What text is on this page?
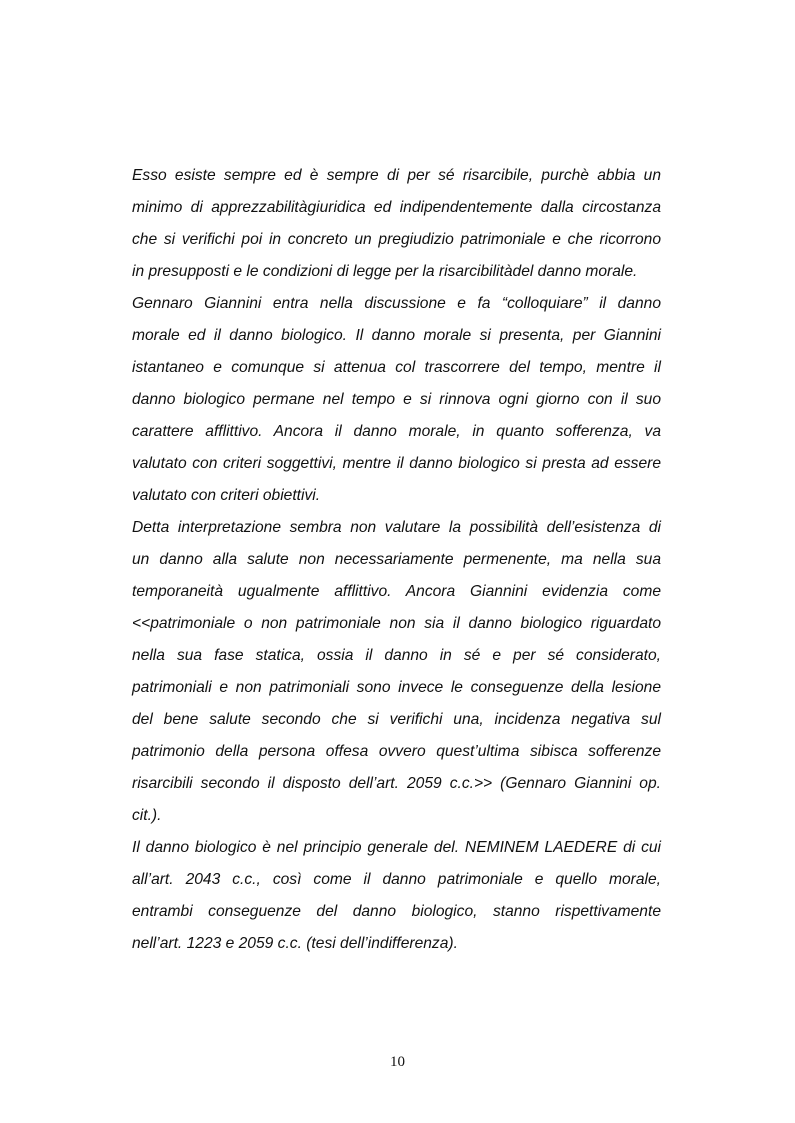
Esso esiste sempre ed è sempre di per sé risarcibile, purchè abbia un
minimo di apprezzabilitàgiuridica ed indipendentemente dalla circostanza
che si verifichi poi in concreto un pregiudizio patrimoniale e che ricorrono
in presupposti e le condizioni di legge per la risarcibilitàdel danno morale.
Gennaro Giannini entra nella discussione e fa “colloquiare” il danno
morale ed il danno biologico. Il danno morale si presenta, per Giannini
istantaneo e comunque si attenua col trascorrere del tempo, mentre il
danno biologico permane nel tempo e si rinnova ogni giorno con il suo
carattere afflittivo. Ancora il danno morale, in quanto sofferenza, va
valutato con criteri soggettivi, mentre il danno biologico si presta ad essere
valutato con criteri obiettivi.
Detta interpretazione sembra non valutare la possibilità dell’esistenza di
un danno alla salute non necessariamente permenente, ma nella sua
temporaneità ugualmente afflittivo. Ancora Giannini evidenzia come
<<patrimoniale o non patrimoniale non sia il danno biologico riguardato
nella sua fase statica, ossia il danno in sé e per sé considerato,
patrimoniali e non patrimoniali sono invece le conseguenze della lesione
del bene salute secondo che si verifichi una, incidenza negativa sul
patrimonio della persona offesa ovvero quest’ultima sibisca sofferenze
risarcibili secondo il disposto dell’art. 2059 c.c.>> (Gennaro Giannini op.
cit.).
Il danno biologico è nel principio generale del. NEMINEM LAEDERE di cui
all’art. 2043 c.c., così come il danno patrimoniale e quello morale,
entrambi conseguenze del danno biologico, stanno rispettivamente
nell’art. 1223 e 2059 c.c. (tesi dell’indifferenza).
10
